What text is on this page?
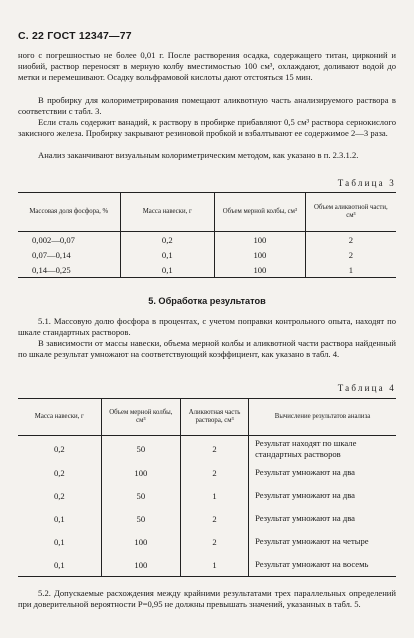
С. 22 ГОСТ 12347—77
ного с погрешностью не более 0,01 г. После растворения осадка, содержащего титан, цирконий и ниобий, раствор переносят в мерную колбу вместимостью 100 см³, охлаждают, доливают водой до метки и перемешивают. Осадку вольфрамовой кислоты дают отстояться 15 мин.
В пробирку для колориметрирования помещают аликвотную часть анализируемого раствора в соответствии с табл. 3.
Если сталь содержит ванадий, к раствору в пробирке прибавляют 0,5 см³ раствора сернокислого закисного железа. Пробирку закрывают резиновой пробкой и взбалтывают ее содержимое 2—3 раза.
Анализ заканчивают визуальным колориметрическим методом, как указано в п. 2.3.1.2.
Таблица 3
Массовая доля фосфора, %	Масса навески, г	Объем мерной колбы, см³	Объем аликвотной части, см³
0,002—0,07	0,2	100	2
0,07—0,14	0,1	100	2
0,14—0,25	0,1	100	1
5. Обработка результатов
5.1. Массовую долю фосфора в процентах, с учетом поправки контрольного опыта, находят по шкале стандартных растворов.
В зависимости от массы навески, объема мерной колбы и аликвотной части раствора найденный по шкале результат умножают на соответствующий коэффициент, как указано в табл. 4.
Таблица 4
Масса навески, г	Объем мерной колбы, см³	Аликвотная часть раствора, см³	Вычисление результатов анализа
0,2	50	2	Результат находят по шкале стандартных растворов
0,2	100	2	Результат умножают на два
0,2	50	1	Результат умножают на два
0,1	50	2	Результат умножают на два
0,1	100	2	Результат умножают на четыре
0,1	100	1	Результат умножают на восемь
5.2. Допускаемые расхождения между крайними результатами трех параллельных определений при доверительной вероятности P=0,95 не должны превышать значений, указанных в табл. 5.
